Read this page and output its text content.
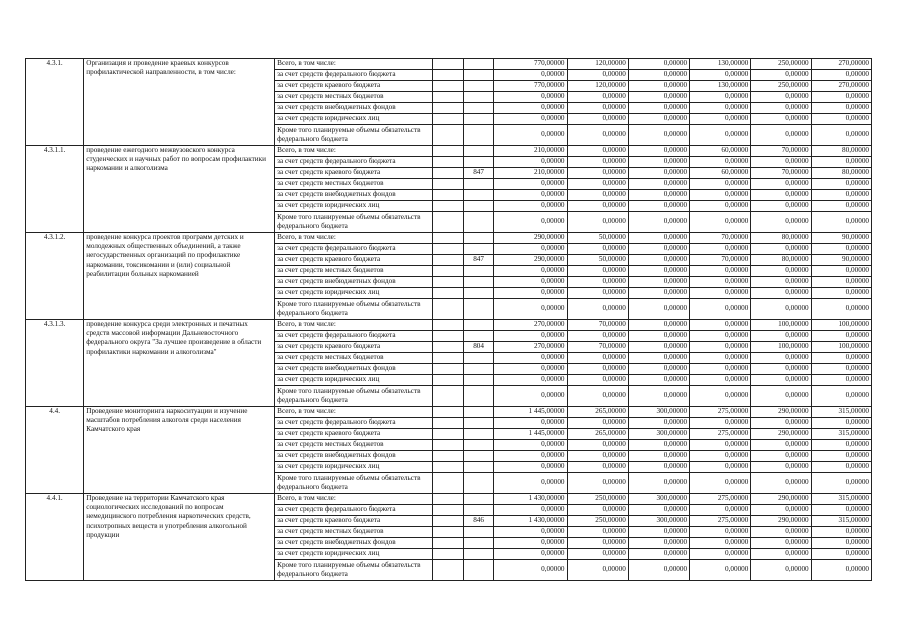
4.3.1.	Организация и проведение краевых конкурсов профилактической направленности, в том числе:	Всего, в том числе:			770,00000	120,00000	0,00000	130,00000	250,00000	270,00000
		за счет средств федерального бюджета			0,00000	0,00000	0,00000	0,00000	0,00000	0,00000
		за счет средств краевого бюджета			770,00000	120,00000	0,00000	130,00000	250,00000	270,00000
		за счет средств местных бюджетов			0,00000	0,00000	0,00000	0,00000	0,00000	0,00000
		за счет средств внебюджетных фондов			0,00000	0,00000	0,00000	0,00000	0,00000	0,00000
		за счет средств юридических лиц			0,00000	0,00000	0,00000	0,00000	0,00000	0,00000
		Кроме того планируемые объемы обязательств федерального бюджета			0,00000	0,00000	0,00000	0,00000	0,00000	0,00000
4.3.1.1.	проведение ежегодного межвузовского конкурса студенческих и научных работ по вопросам профилактики наркомании и алкоголизма	Всего, в том числе:			210,00000	0,00000	0,00000	60,00000	70,00000	80,00000
		за счет средств федерального бюджета			0,00000	0,00000	0,00000	0,00000	0,00000	0,00000
		за счет средств краевого бюджета		847	210,00000	0,00000	0,00000	60,00000	70,00000	80,00000
		за счет средств местных бюджетов			0,00000	0,00000	0,00000	0,00000	0,00000	0,00000
		за счет средств внебюджетных фондов			0,00000	0,00000	0,00000	0,00000	0,00000	0,00000
		за счет средств юридических лиц			0,00000	0,00000	0,00000	0,00000	0,00000	0,00000
		Кроме того планируемые объемы обязательств федерального бюджета			0,00000	0,00000	0,00000	0,00000	0,00000	0,00000
4.3.1.2.	проведение конкурса проектов программ детских и молодежных общественных объединений, а также негосударственных организаций по профилактике наркомании, токсикомании и (или) социальной реабилитации больных наркоманией	Всего, в том числе:			290,00000	50,00000	0,00000	70,00000	80,00000	90,00000
		за счет средств федерального бюджета			0,00000	0,00000	0,00000	0,00000	0,00000	0,00000
		за счет средств краевого бюджета		847	290,00000	50,00000	0,00000	70,00000	80,00000	90,00000
		за счет средств местных бюджетов			0,00000	0,00000	0,00000	0,00000	0,00000	0,00000
		за счет средств внебюджетных фондов			0,00000	0,00000	0,00000	0,00000	0,00000	0,00000
		за счет средств юридических лиц			0,00000	0,00000	0,00000	0,00000	0,00000	0,00000
		Кроме того планируемые объемы обязательств федерального бюджета			0,00000	0,00000	0,00000	0,00000	0,00000	0,00000
4.3.1.3.	проведение конкурса среди электронных и печатных средств массовой информации Дальневосточного федерального округа "За лучшее произведение в области профилактики наркомании и алкоголизма"	Всего, в том числе:			270,00000	70,00000	0,00000	0,00000	100,00000	100,00000
		за счет средств федерального бюджета			0,00000	0,00000	0,00000	0,00000	0,00000	0,00000
		за счет средств краевого бюджета		804	270,00000	70,00000	0,00000	0,00000	100,00000	100,00000
		за счет средств местных бюджетов			0,00000	0,00000	0,00000	0,00000	0,00000	0,00000
		за счет средств внебюджетных фондов			0,00000	0,00000	0,00000	0,00000	0,00000	0,00000
		за счет средств юридических лиц			0,00000	0,00000	0,00000	0,00000	0,00000	0,00000
		Кроме того планируемые объемы обязательств федерального бюджета			0,00000	0,00000	0,00000	0,00000	0,00000	0,00000
4.4.	Проведение мониторинга наркоситуации и изучение масштабов потребления алкоголя среди населения Камчатского края	Всего, в том числе:			1 445,00000	265,00000	300,00000	275,00000	290,00000	315,00000
		за счет средств федерального бюджета			0,00000	0,00000	0,00000	0,00000	0,00000	0,00000
		за счет средств краевого бюджета			1 445,00000	265,00000	300,00000	275,00000	290,00000	315,00000
		за счет средств местных бюджетов			0,00000	0,00000	0,00000	0,00000	0,00000	0,00000
		за счет средств внебюджетных фондов			0,00000	0,00000	0,00000	0,00000	0,00000	0,00000
		за счет средств юридических лиц			0,00000	0,00000	0,00000	0,00000	0,00000	0,00000
		Кроме того планируемые объемы обязательств федерального бюджета			0,00000	0,00000	0,00000	0,00000	0,00000	0,00000
4.4.1.	Проведение на территории Камчатского края социологических исследований по вопросам немедицинского потребления наркотических средств, психотропных веществ и употребления алкогольной продукции	Всего, в том числе:			1 430,00000	250,00000	300,00000	275,00000	290,00000	315,00000
		за счет средств федерального бюджета			0,00000	0,00000	0,00000	0,00000	0,00000	0,00000
		за счет средств краевого бюджета		846	1 430,00000	250,00000	300,00000	275,00000	290,00000	315,00000
		за счет средств местных бюджетов			0,00000	0,00000	0,00000	0,00000	0,00000	0,00000
		за счет средств внебюджетных фондов			0,00000	0,00000	0,00000	0,00000	0,00000	0,00000
		за счет средств юридических лиц			0,00000	0,00000	0,00000	0,00000	0,00000	0,00000
		Кроме того планируемые объемы обязательств федерального бюджета			0,00000	0,00000	0,00000	0,00000	0,00000	0,00000
